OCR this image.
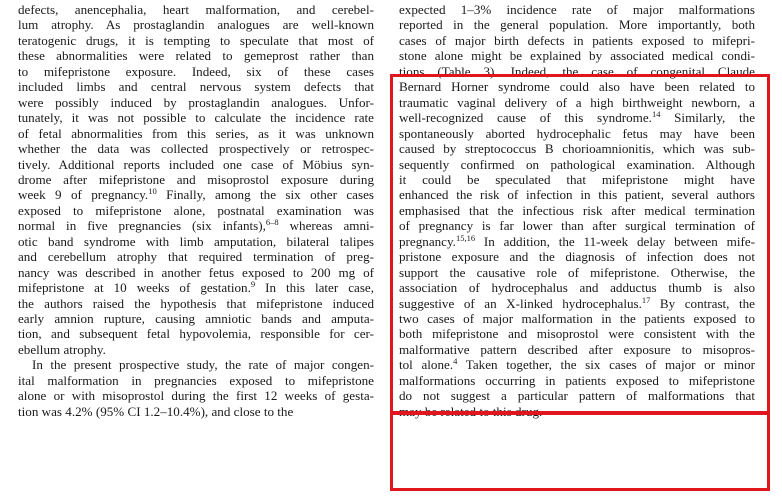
defects, anencephalia, heart malformation, and cerebel-
lum atrophy. As prostaglandin analogues are well-known
teratogenic drugs, it is tempting to speculate that most of
these abnormalities were related to gemeprost rather than
to mifepristone exposure. Indeed, six of these cases
included limbs and central nervous system defects that
were possibly induced by prostaglandin analogues. Unfor-
tunately, it was not possible to calculate the incidence rate
of fetal abnormalities from this series, as it was unknown
whether the data was collected prospectively or retrospec-
tively. Additional reports included one case of Möbius syn-
drome after mifepristone and misoprostol exposure during
week 9 of pregnancy.$^{10}$ Finally, among the six other cases
exposed to mifepristone alone, postnatal examination was
normal in five pregnancies (six infants),$^{6-8}$ whereas amni-
otic band syndrome with limb amputation, bilateral talipes
and cerebellum atrophy that required termination of preg-
nancy was described in another fetus exposed to 200 mg of
mifepristone at 10 weeks of gestation.$^9$ In this later case,
the authors raised the hypothesis that mifepristone induced
early amnion rupture, causing amniotic bands and amputa-
tion, and subsequent fetal hypovolemia, responsible for cer-
ebellum atrophy.
In the present prospective study, the rate of major congen-
ital malformation in pregnancies exposed to mifepristone
alone or with misoprostol during the first 12 weeks of gesta-
tion was 4.2% (95% CI 1.2–10.4%), and close to the
expected 1–3% incidence rate of major malformations
reported in the general population. More importantly, both
cases of major birth defects in patients exposed to mifepri-
stone alone might be explained by associated medical condi-
tions (Table 3). Indeed, the case of congenital Claude
Bernard Horner syndrome could also have been related to
traumatic vaginal delivery of a high birthweight newborn, a
well-recognized cause of this syndrome.$^{14}$ Similarly, the
spontaneously aborted hydrocephalic fetus may have been
caused by streptococcus B chorioamnionitis, which was sub-
sequently confirmed on pathological examination. Although
it could be speculated that mifepristone might have
enhanced the risk of infection in this patient, several authors
emphasised that the infectious risk after medical termination
of pregnancy is far lower than after surgical termination of
pregnancy.$^{15,16}$ In addition, the 11-week delay between mife-
pristone exposure and the diagnosis of infection does not
support the causative role of mifepristone. Otherwise, the
association of hydrocephalus and adductus thumb is also
suggestive of an X-linked hydrocephalus.$^{17}$ By contrast, the
two cases of major malformation in the patients exposed to
both mifepristone and misoprostol were consistent with the
malformative pattern described after exposure to misopros-
tol alone.$^4$ Taken together, the six cases of major or minor
malformations occurring in patients exposed to mifepristone
do not suggest a particular pattern of malformations that
may be related to this drug.
